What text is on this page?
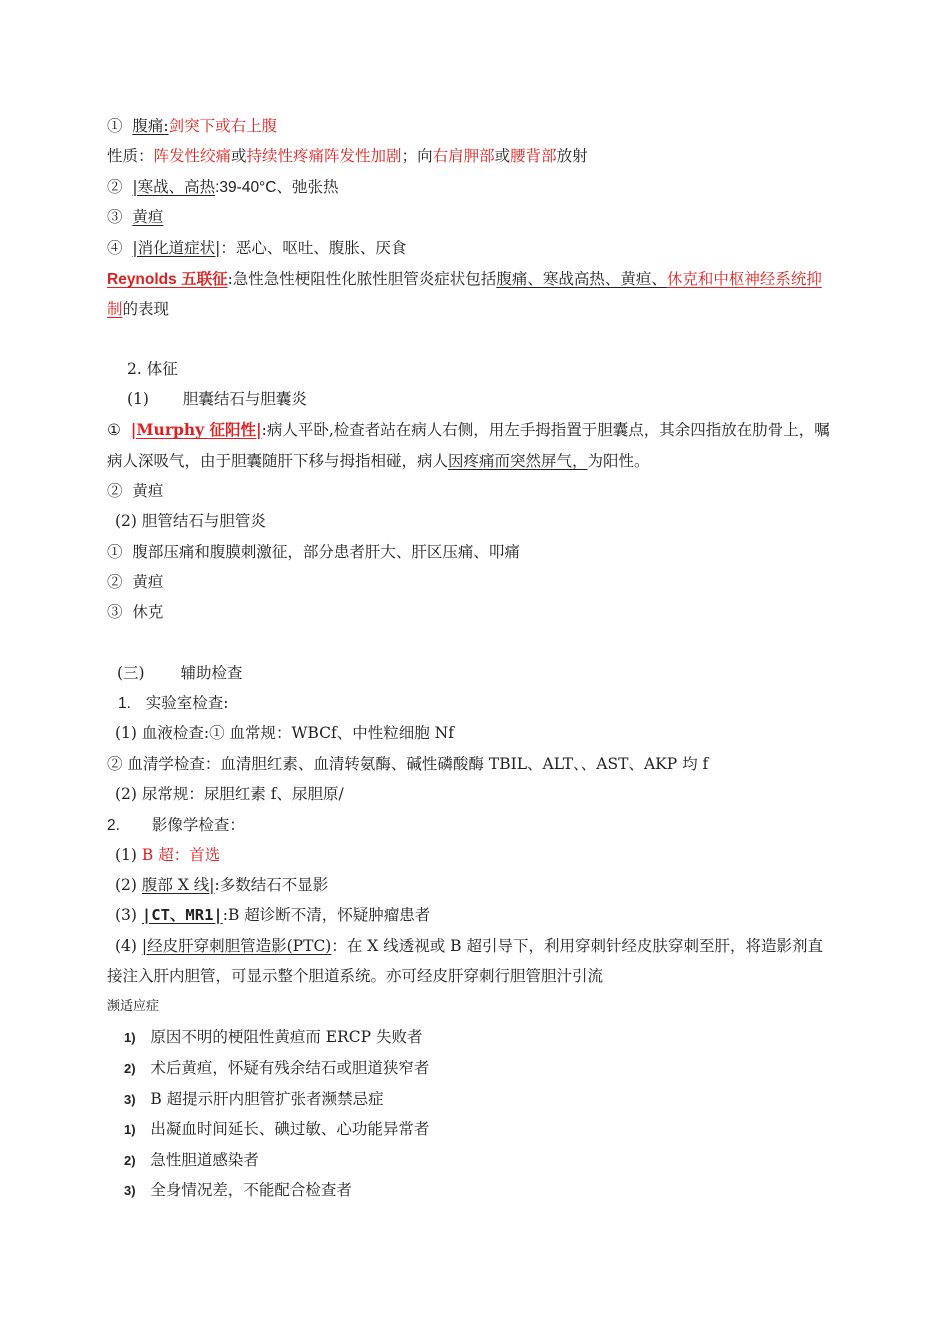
① 腹痛:剑突下或右上腹
性质：阵发性绞痛或持续性疼痛阵发性加剧；向右肩胛部或腰背部放射
② |寒战、高热:39-40°C、弛张热
③ 黄疸
④ |消化道症状|：恶心、呕吐、腹胀、厌食
Reynolds 五联征:急性急性梗阻性化脓性胆管炎症状包括腹痛、寒战高热、黄疸、休克和中枢神经系统抑
制的表现
2. 体征
(1) 胆囊结石与胆囊炎
① |Murphy 征阳性|:病人平卧,检查者站在病人右侧，用左手拇指置于胆囊点，其余四指放在肋骨上，嘱
病人深吸气，由于胆囊随肝下移与拇指相碰，病人因疼痛而突然屏气，为阳性。
② 黄疸
(2) 胆管结石与胆管炎
① 腹部压痛和腹膜刺激征，部分患者肝大、肝区压痛、叩痛
② 黄疸
③ 休克
(三) 辅助检查
1. 实验室检查:
(1) 血液检查:① 血常规：WBCf、中性粒细胞 Nf
② 血清学检查：血清胆红素、血清转氨酶、碱性磷酸酶 TBIL、ALT、、AST、AKP 均 f
(2) 尿常规：尿胆红素 f、尿胆原/
2. 影像学检查：
(1) B 超：首选
(2) 腹部 X 线|:多数结石不显影
(3) |CT、MR1|:B 超诊断不清，怀疑肿瘤患者
(4) |经皮肝穿刺胆管造影(PTC)：在 X 线透视或 B 超引导下，利用穿刺针经皮肤穿刺至肝，将造影剂直
接注入肝内胆管，可显示整个胆道系统。亦可经皮肝穿刺行胆管胆汁引流
濒适应症
1) 原因不明的梗阻性黄疸而 ERCP 失败者
2) 术后黄疸，怀疑有残余结石或胆道狭窄者
3) B 超提示肝内胆管扩张者濒禁忌症
1) 出凝血时间延长、碘过敏、心功能异常者
2) 急性胆道感染者
3) 全身情况差，不能配合检查者
